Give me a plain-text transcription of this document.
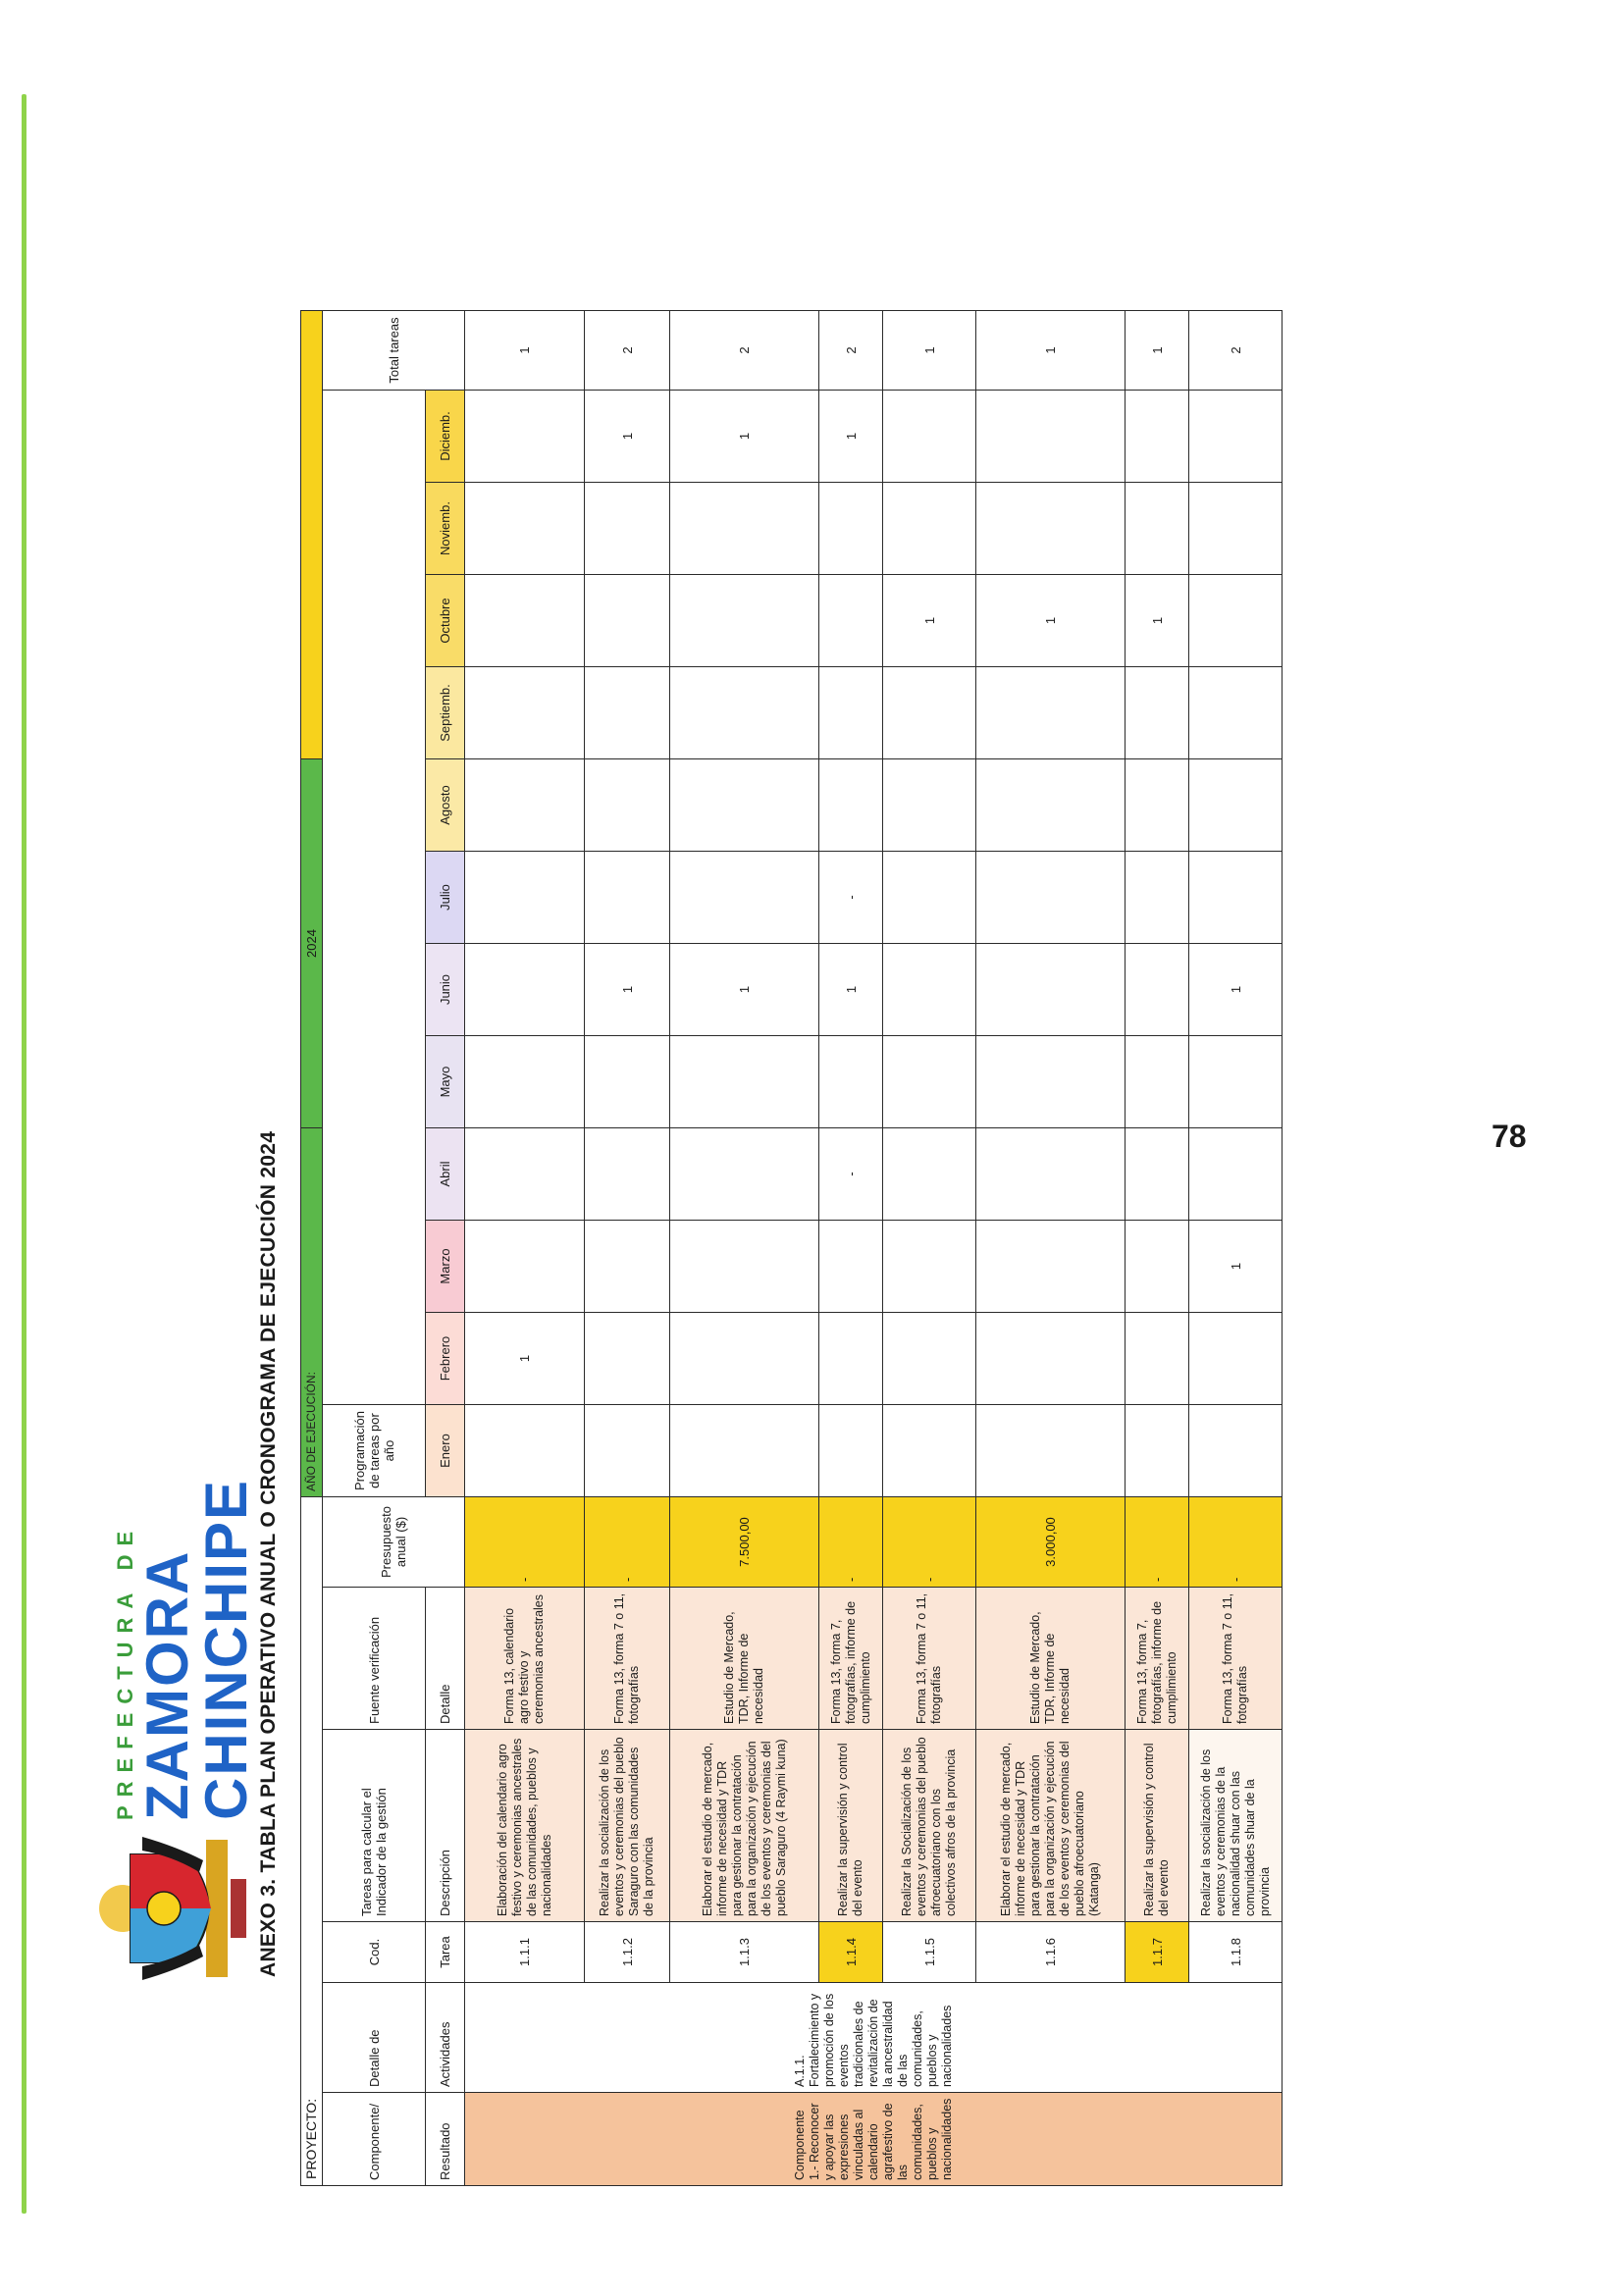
78
PREFECTURA DE
ZAMORA
CHINCHIPE
ANEXO 3. TABLA PLAN OPERATIVO ANUAL O CRONOGRAMA DE EJECUCIÓN 2024
PROYECTO:						AÑO DE EJECUCIÓN:				2024								
Componente/	Detalle de	Cod.	Tareas para calcular el Indicador de la gestión	Fuente verificación	Presupuesto anual ($)	Programación de tareas por año												Total tareas
Resultado	Actividades	Tarea	Descripción	Detalle		Enero	Febrero	Marzo	Abril	Mayo	Junio	Julio	Agosto	Septiemb.	Octubre	Noviemb.	Diciemb.	
Componente 1.- Reconocer y apoyar las expresiones vinculadas al calendario agrafestivo de las comunidades, pueblos y nacionalidades	A.1.1. Fortalecimiento y promoción de los eventos tradicionales de revitalización de la ancestralidad de las comunidades, pueblos y nacionalidades	1.1.1	Elaboración del calendario agro festivo y ceremonias ancestrales de las comunidades, pueblos y nacionalidades	Forma 13, calendario agro festivo y ceremonias ancestrales	-		1											1
		1.1.2	Realizar la socialización de los eventos y ceremonias del pueblo Saraguro con las comunidades de la provincia	Forma 13, forma 7 o 11, fotografías	-						1						1	2
		1.1.3	Elaborar el estudio de mercado, informe de necesidad y TDR para gestionar la contratación para la organización y ejecución de los eventos y ceremonias del pueblo Saraguro (4 Raymi kuna)	Estudio de Mercado, TDR, Informe de necesidad	7.500,00						1						1	2
		1.1.4	Realizar la supervisión y control del evento	Forma 13, forma 7, fotografías, informe de cumplimiento	-				-		1	-					1	2
		1.1.5	Realizar la Socialización de los eventos y ceremonias del pueblo afroecuatoriano con los colectivos afros de la provincia	Forma 13, forma 7 o 11, fotografías	-										1			1
		1.1.6	Elaborar el estudio de mercado, informe de necesidad y TDR para gestionar la contratación para la organización y ejecución de los eventos y ceremonias del pueblo afroecuatoriano (Katanga)	Estudio de Mercado, TDR, Informe de necesidad	3.000,00										1			1
		1.1.7	Realizar la supervisión y control del evento	Forma 13, forma 7, fotografías, informe de cumplimiento	-										1			1
		1.1.8	Realizar la socialización de los eventos y ceremonias de la nacionalidad shuar con las comunidades shuar de la provincia	Forma 13, forma 7 o 11, fotografías	-			1			1							2
